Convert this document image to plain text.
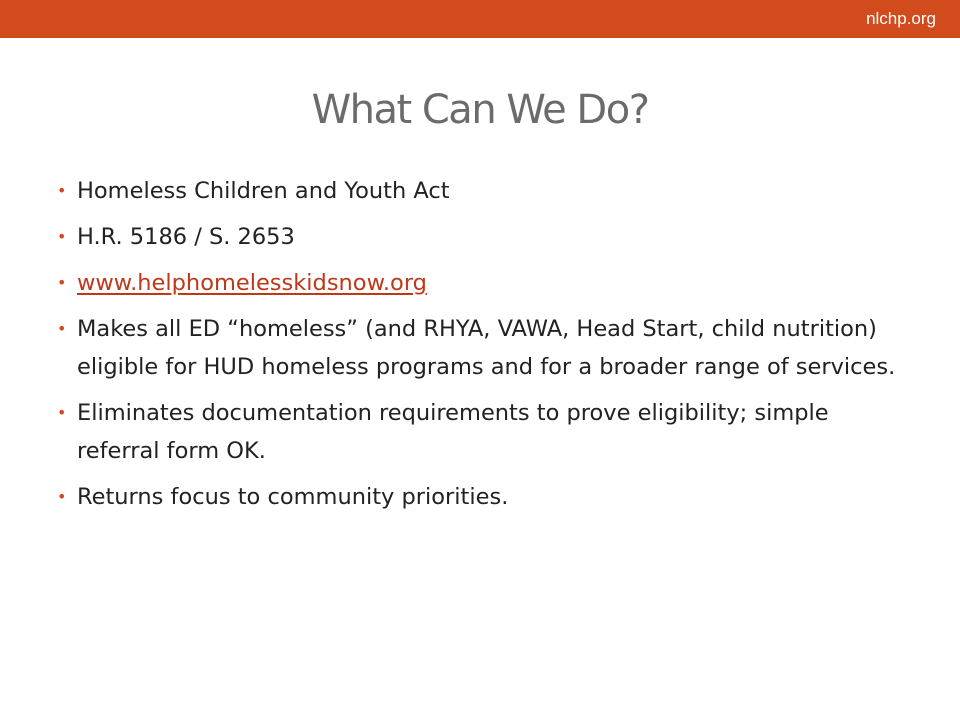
nlchp.org
What Can We Do?
• Homeless Children and Youth Act
• H.R. 5186 / S. 2653
• www.helphomelesskidsnow.org
• Makes all ED “homeless” (and RHYA, VAWA, Head Start, child nutrition) eligible for HUD homeless programs and for a broader range of services.
• Eliminates documentation requirements to prove eligibility; simple referral form OK.
• Returns focus to community priorities.
